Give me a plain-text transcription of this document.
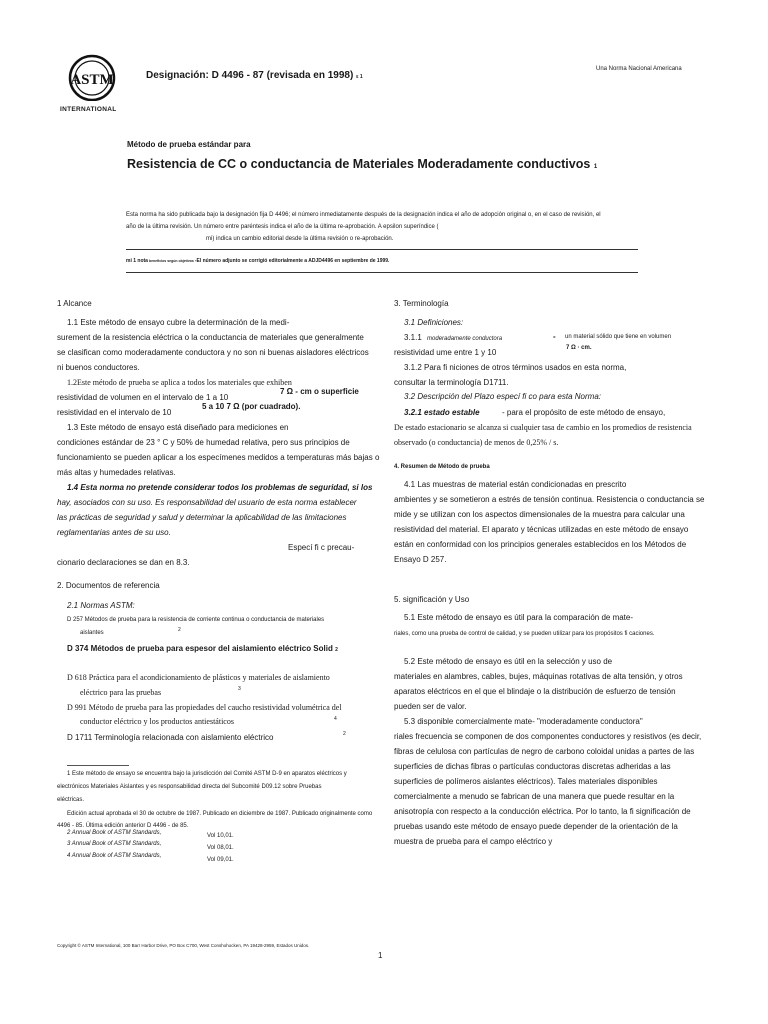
ASTM
INTERNATIONAL
Designación: D 4496 - 87 (revisada en 1998) ε 1
Una Norma Nacional Americana
Método de prueba estándar para
Resistencia de CC o conductancia de Materiales Moderadamente conductivos 1
Esta norma ha sido publicada bajo la designación fija D 4496; el número inmediatamente después de la designación indica el año de adopción original o, en el caso de revisión, el
año de la última revisión. Un número entre paréntesis indica el año de la última re-aprobación. A epsilon superíndice (
mi) indica un cambio editorial desde la última revisión o re-aprobación.
mi 1 nota beneficios según objetivos -El número adjunto se corrigió editorialmente a ADJD4496 en septiembre de 1999.
1 Alcance
1.1 Este método de ensayo cubre la determinación de la medi-
surement de la resistencia eléctrica o la conductancia de materiales que generalmente
se clasifican como moderadamente conductora y no son ni buenas aisladores eléctricos
ni buenos conductores.
1.2Este método de prueba se aplica a todos los materiales que exhiben
resistividad de volumen en el intervalo de 1 a 10
7 Ω - cm o superficie
resistividad en el intervalo de 10
5 a 10 7 Ω (por cuadrado).
1.3 Este método de ensayo está diseñado para mediciones en
condiciones estándar de 23 ° C y 50% de humedad relativa, pero sus principios de
funcionamiento se pueden aplicar a los especímenes medidos a temperaturas más bajas o
más altas y humedades relativas.
1.4 Esta norma no pretende considerar todos los problemas de seguridad, si los
hay, asociados con su uso. Es responsabilidad del usuario de esta norma establecer
las prácticas de seguridad y salud y determinar la aplicabilidad de las limitaciones
reglamentarias antes de su uso.
Especí fi c precau-
cionario declaraciones se dan en 8.3.
2. Documentos de referencia
2.1 Normas ASTM:
D 257 Métodos de prueba para la resistencia de corriente continua o conductancia de materiales
aislantes	2
D 374 Métodos de prueba para espesor del aislamiento eléctrico Solid 2
D 618 Práctica para el acondicionamiento de plásticos y materiales de aislamiento
eléctrico para las pruebas	3
D 991 Método de prueba para las propiedades del caucho resistividad volumétrica del
conductor eléctrico y los productos antiestáticos	4
D 1711 Terminología relacionada con aislamiento eléctrico	2
1 Este método de ensayo se encuentra bajo la jurisdicción del Comité ASTM D-9 en aparatos eléctricos y
electrónicos Materiales Aislantes y es responsabilidad directa del Subcomité D09.12 sobre Pruebas
eléctricas.
Edición actual aprobada el 30 de octubre de 1987. Publicado en diciembre de 1987. Publicado originalmente como
4496 - 85. Última edición anterior D 4496 - de 85.
2 Annual Book of ASTM Standards,	Vol 10,01.
3 Annual Book of ASTM Standards,
Vol 08,01.
4 Annual Book of ASTM Standards,
Vol 09,01.
3. Terminología
3.1 Definiciones:
3.1.1 moderadamente conductora	- un material sólido que tiene en volumen
resistividad ume entre 1 y 10	7 Ω · cm.
3.1.2 Para fi niciones de otros términos usados en esta norma,
consultar la terminología D1711.
3.2 Descripción del Plazo especí fi co para esta Norma:
3.2.1 estado estable	- para el propósito de este método de ensayo,
De estado estacionario se alcanza si cualquier tasa de cambio en los promedios de resistencia
observado (o conductancia) de menos de 0,25% / s.
4. Resumen de Método de prueba
4.1 Las muestras de material están condicionadas en prescrito
ambientes y se sometieron a estrés de tensión continua. Resistencia o conductancia se
mide y se utilizan con los aspectos dimensionales de la muestra para calcular una
resistividad del material. El aparato y técnicas utilizadas en este método de ensayo
están en conformidad con los principios generales establecidos en los Métodos de
Ensayo D 257.
5. significación y Uso
5.1 Este método de ensayo es útil para la comparación de mate-
riales, como una prueba de control de calidad, y se pueden utilizar para los propósitos fi caciones.
5.2 Este método de ensayo es útil en la selección y uso de
materiales en alambres, cables, bujes, máquinas rotativas de alta tensión, y otros
aparatos eléctricos en el que el blindaje o la distribución de esfuerzo de tensión
pueden ser de valor.
5.3 disponible comercialmente mate- "moderadamente conductora"
riales frecuencia se componen de dos componentes conductores y resistivos (es decir,
fibras de celulosa con partículas de negro de carbono coloidal unidas a partes de las
superficies de dichas fibras o partículas conductoras discretas adheridas a las
superficies de polímeros aislantes eléctricos). Tales materiales disponibles
comercialmente a menudo se fabrican de una manera que puede resultar en la
anisotropía con respecto a la conducción eléctrica. Por lo tanto, la fi significación de
pruebas usando este método de ensayo puede depender de la orientación de la
muestra de prueba para el campo eléctrico y
Copyright © ASTM International, 100 Barr Harbor Drive, PO Box C700, West Conshohocken, PA 19428-2959, Estados Unidos.
1
